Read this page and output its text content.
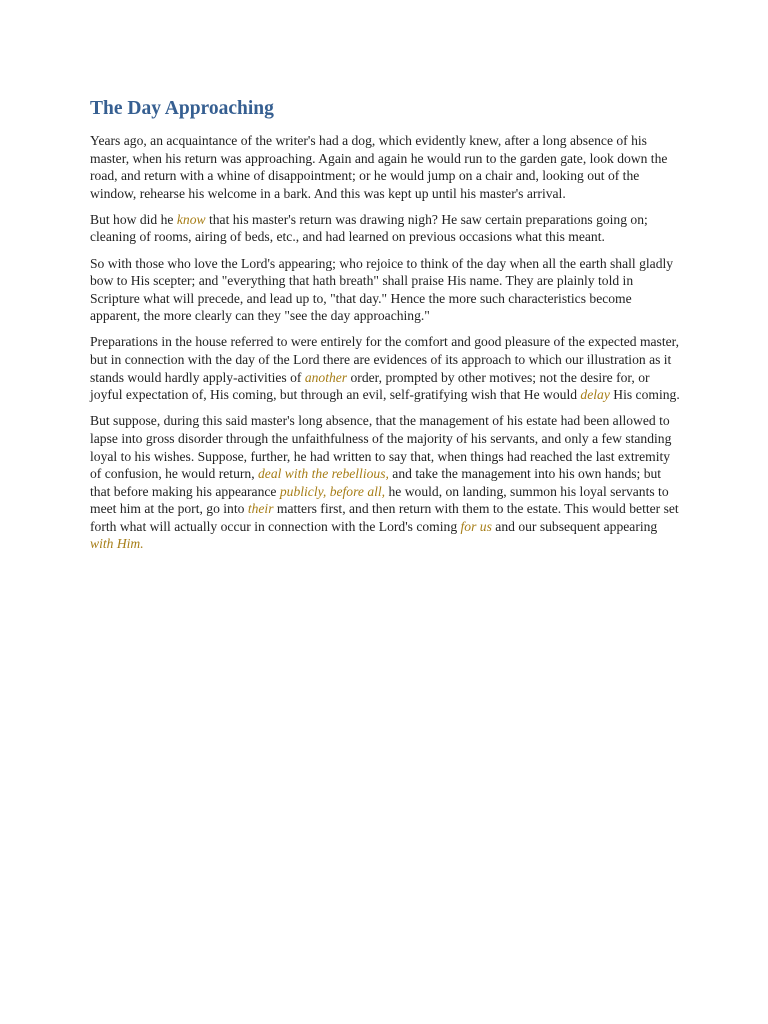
The Day Approaching

Years ago, an acquaintance of the writer's had a dog, which evidently knew, after a long absence of his master, when his return was approaching. Again and again he would run to the garden gate, look down the road, and return with a whine of disappointment; or he would jump on a chair and, looking out of the window, rehearse his welcome in a bark. And this was kept up until his master's arrival.

But how did he know that his master's return was drawing nigh? He saw certain preparations going on; cleaning of rooms, airing of beds, etc., and had learned on previous occasions what this meant.

So with those who love the Lord's appearing; who rejoice to think of the day when all the earth shall gladly bow to His scepter; and "everything that hath breath" shall praise His name. They are plainly told in Scripture what will precede, and lead up to, "that day." Hence the more such characteristics become apparent, the more clearly can they "see the day approaching."

Preparations in the house referred to were entirely for the comfort and good pleasure of the expected master, but in connection with the day of the Lord there are evidences of its approach to which our illustration as it stands would hardly apply-activities of another order, prompted by other motives; not the desire for, or joyful expectation of, His coming, but through an evil, self-gratifying wish that He would delay His coming.

But suppose, during this said master's long absence, that the management of his estate had been allowed to lapse into gross disorder through the unfaithfulness of the majority of his servants, and only a few standing loyal to his wishes. Suppose, further, he had written to say that, when things had reached the last extremity of confusion, he would return, deal with the rebellious, and take the management into his own hands; but that before making his appearance publicly, before all, he would, on landing, summon his loyal servants to meet him at the port, go into their matters first, and then return with them to the estate. This would better set forth what will actually occur in connection with the Lord's coming for us and our subsequent appearing with Him.
